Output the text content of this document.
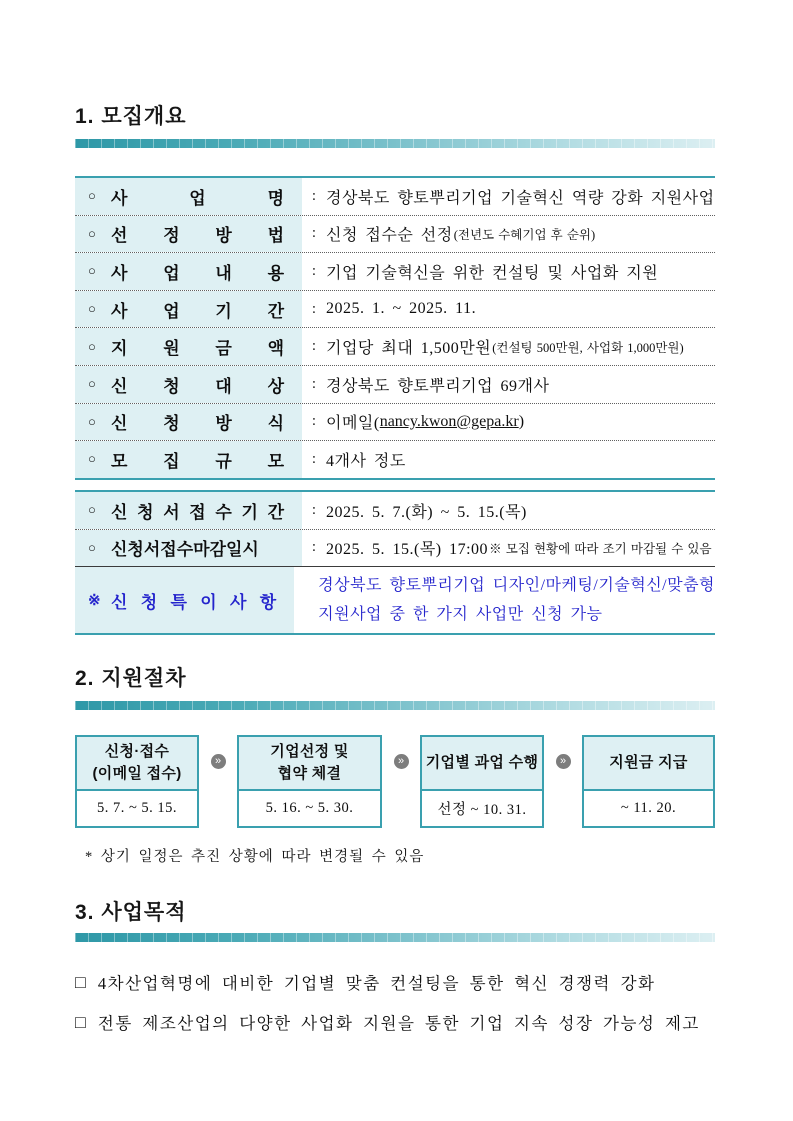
1. 모집개요
○ 사 업 명	: 경상북도 향토뿌리기업 기술혁신 역량 강화 지원사업
○ 선 정 방 법	: 신청 접수순 선정 (전년도 수혜기업 후 순위)
○ 사 업 내 용	: 기업 기술혁신을 위한 컨설팅 및 사업화 지원
○ 사 업 기 간	: 2025. 1. ~ 2025. 11.
○ 지 원 금 액	: 기업당 최대 1,500만원 (컨설팅 500만원, 사업화 1,000만원)
○ 신 청 대 상	: 경상북도 향토뿌리기업 69개사
○ 신 청 방 식	: 이메일( nancy.kwon@gepa.kr )
○ 모 집 규 모	: 4개사 정도
○ 신 청 서 접 수 기 간	: 2025. 5. 7.(화) ~ 5. 15.(목)
○ 신청서접수마감일시	: 2025. 5. 15.(목) 17:00 ※ 모집 현황에 따라 조기 마감될 수 있음
※ 신 청 특 이 사 항
경상북도 향토뿌리기업 디자인/마케팅/기술혁신/맞춤형
지원사업 중 한 가지 사업만 신청 가능
2. 지원절차
신청·접수
(이메일 접수)
5. 7. ~ 5. 15.
»
기업선정 및
협약 체결
5. 16. ~ 5. 30.
» 기업별 과업 수행
선정 ~ 10. 31.
»	지원금 지급
~ 11. 20.
* 상기 일정은 추진 상황에 따라 변경될 수 있음
3. 사업목적
□ 4차산업혁명에 대비한 기업별 맞춤 컨설팅을 통한 혁신 경쟁력 강화
□ 전통 제조산업의 다양한 사업화 지원을 통한 기업 지속 성장 가능성 제고
